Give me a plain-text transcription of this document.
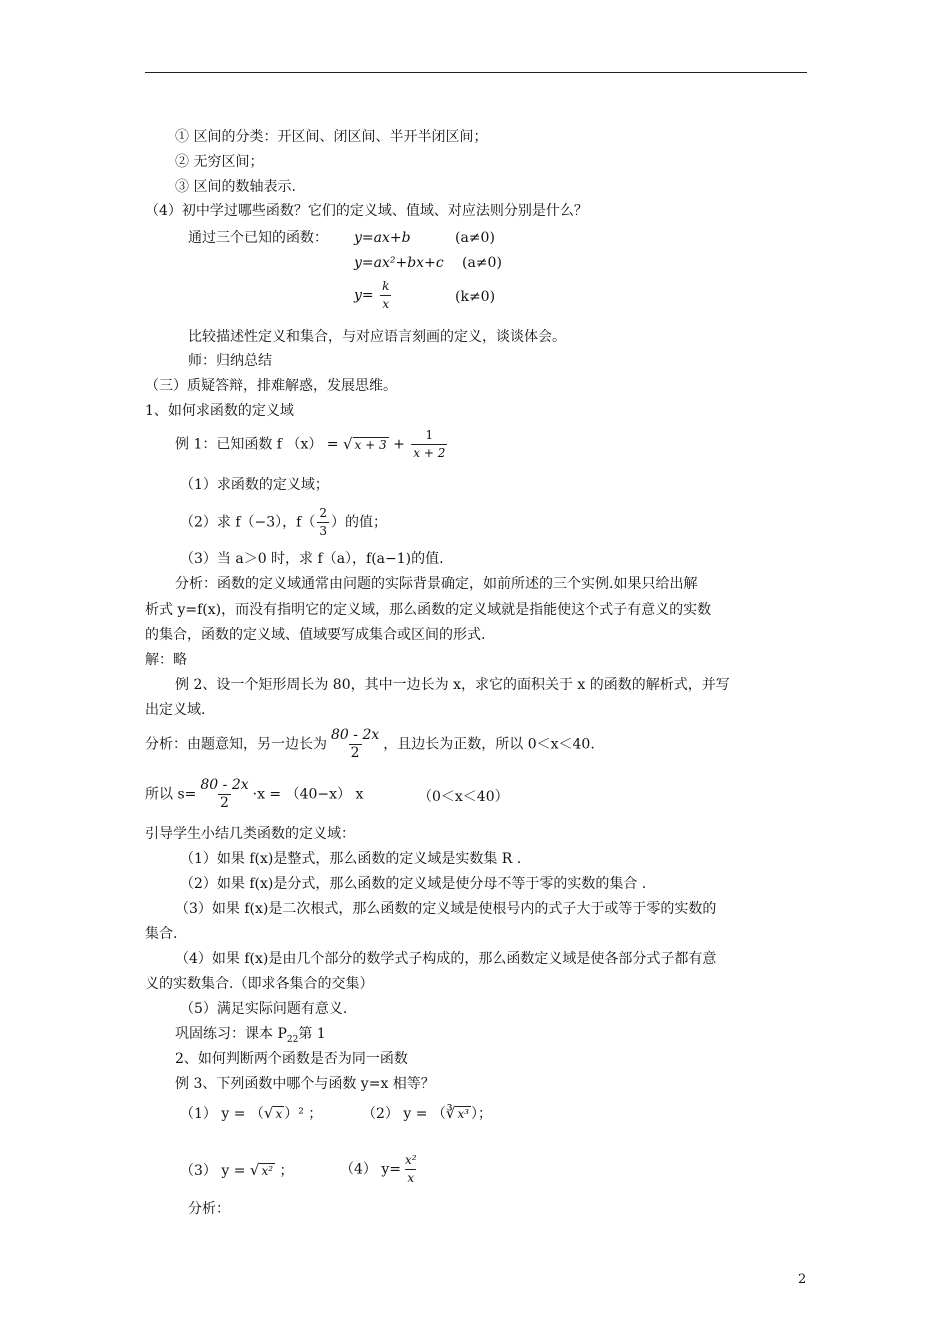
① 区间的分类：开区间、闭区间、半开半闭区间；
② 无穷区间；
③ 区间的数轴表示.
（4）初中学过哪些函数？它们的定义域、值域、对应法则分别是什么？
通过三个已知的函数： y=ax+b	(a≠0)
y=ax²+bx+c (a≠0)
$y= \frac{k}{x}$	(k≠0)
比较描述性定义和集合，与对应语言刻画的定义，谈谈体会。
师：归纳总结
（三）质疑答辩，排难解惑，发展思维。
1、如何求函数的定义域
例 1：已知函数 f （x） = √ $x + 3 + \frac{1}{x + 2}$
（1）求函数的定义域；
（2）求 f（−3），$f( \frac{2}{3}$ ）的值；
（3）当 a＞0 时，求 f（a），f(a−1)的值.
分析：函数的定义域通常由问题的实际背景确定，如前所述的三个实例.如果只给出解
析式 y=f(x)，而没有指明它的定义域，那么函数的定义域就是指能使这个式子有意义的实数
的集合，函数的定义域、值域要写成集合或区间的形式.
解：略
例 2、设一个矩形周长为 80，其中一边长为 x，求它的面积关于 x 的函数的解析式，并写
出定义域.
分析：由题意知，另一边长为 $\frac{80 - 2x}{2}$ ，且边长为正数，所以 0＜x＜40.
所以 $s= \frac{80 - 2x}{2} \cdot x = (40-x)$ x	（0＜x＜40）
引导学生小结几类函数的定义域：
（1）如果 f(x)是整式，那么函数的定义域是实数集 R .
（2）如果 f(x)是分式，那么函数的定义域是使分母不等于零的实数的集合 .
（3）如果 f(x)是二次根式，那么函数的定义域是使根号内的式子大于或等于零的实数的
集合.
（4）如果 f(x)是由几个部分的数学式子构成的，那么函数定义域是使各部分式子都有意
义的实数集合.（即求各集合的交集）
（5）满足实际问题有意义.
巩固练习：课本 $P_{22}$第 1
2、如何判断两个函数是否为同一函数
例 3、下列函数中哪个与函数 y=x 相等？
（1） y = （√ x ）² ；	（2） y = （∛ x³ ）；
（3） y = √ x² ；	（4） $y= \frac{\text{x²}}{x}$
分析：
2
